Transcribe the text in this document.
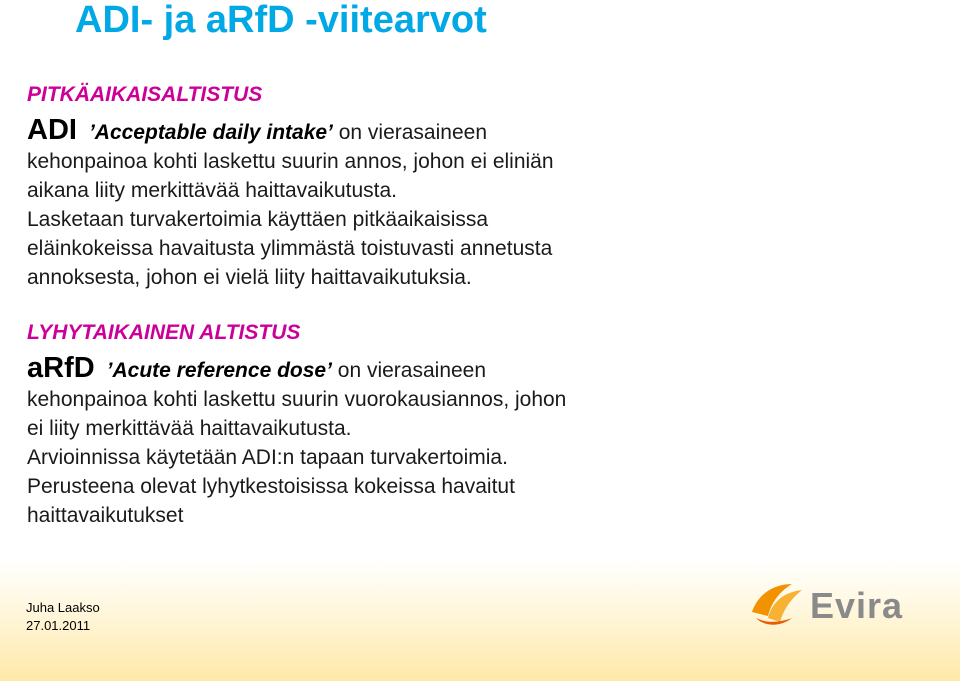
ADI- ja aRfD -viitearvot
PITKÄAIKAISALTISTUS
ADI ’Acceptable daily intake’ on vierasaineen
kehonpainoa kohti laskettu suurin annos, johon ei eliniän
aikana liity merkittävää haittavaikutusta.
Lasketaan turvakertoimia käyttäen pitkäaikaisissa
eläinkokeissa havaitusta ylimmästä toistuvasti annetusta
annoksesta, johon ei vielä liity haittavaikutuksia.
LYHYTAIKAINEN ALTISTUS
aRfD ’Acute reference dose’ on vierasaineen
kehonpainoa kohti laskettu suurin vuorokausiannos, johon
ei liity merkittävää haittavaikutusta.
Arvioinnissa käytetään ADI:n tapaan turvakertoimia.
Perusteena olevat lyhytkestoisissa kokeissa havaitut
haittavaikutukset
Juha Laakso
27.01.2011	Evira
